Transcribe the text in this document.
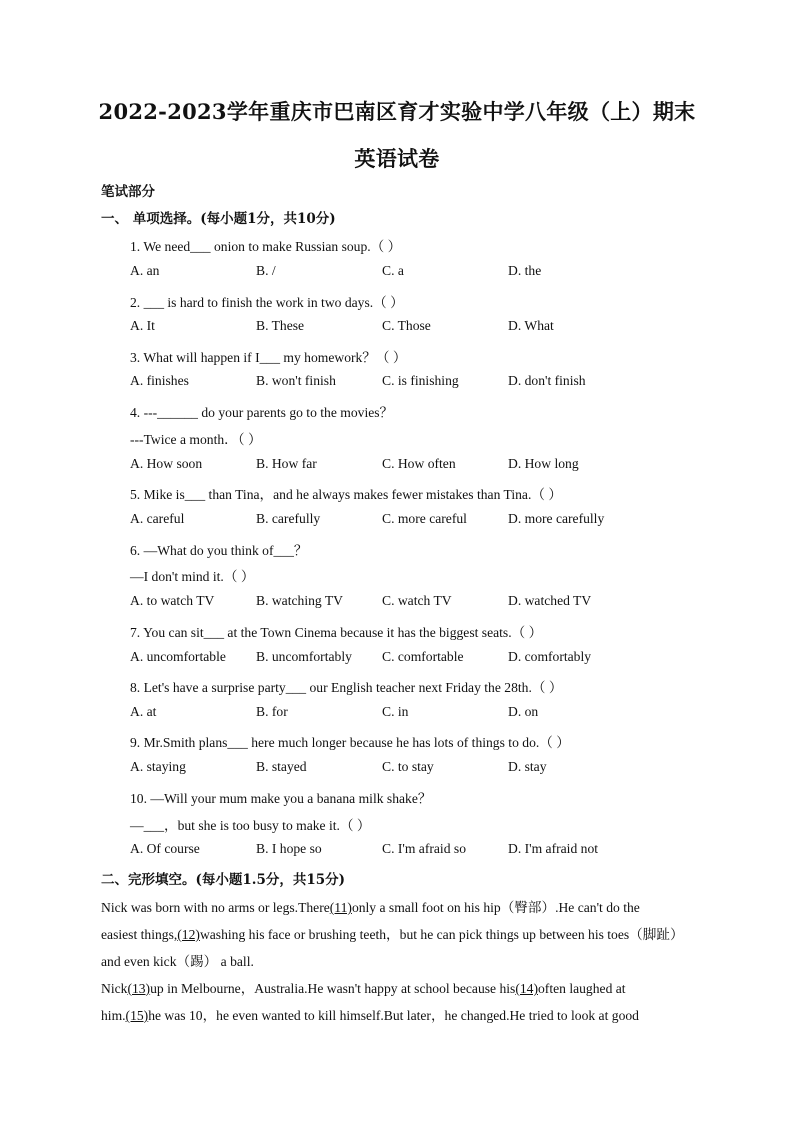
2022-2023学年重庆市巴南区育才实验中学八年级（上）期末
英语试卷
笔试部分
一、 单项选择。(每小题1分，共10分)
1. We need___ onion to make Russian soup.（ ）
A. an	B. /	C. a	D. the
2. ___ is hard to finish the work in two days.（ ）
A. It	B. These	C. Those	D. What
3. What will happen if I___ my homework？（ ）
A. finishes	B. won't finish	C. is finishing	D. don't finish
4. ---______ do your parents go to the movies？
---Twice a month．（ ）
A. How soon	B. How far	C. How often	D. How long
5. Mike is___ than Tina，and he always makes fewer mistakes than Tina.（ ）
A. careful	B. carefully	C. more careful	D. more carefully
6. —What do you think of___？
—I don't mind it.（ ）
A. to watch TV	B. watching TV	C. watch TV	D. watched TV
7. You can sit___ at the Town Cinema because it has the biggest seats.（ ）
A. uncomfortable B. uncomfortably C. comfortable	D. comfortably
8. Let's have a surprise party___ our English teacher next Friday the 28th.（ ）
A. at	B. for	C. in	D. on
9. Mr.Smith plans___ here much longer because he has lots of things to do.（ ）
A. staying	B. stayed	C. to stay	D. stay
10. —Will your mum make you a banana milk shake？
—___，but she is too busy to make it.（ ）
A. Of course	B. I hope so	C. I'm afraid so	D. I'm afraid not
二、完形填空。(每小题1.5分，共15分)
Nick was born with no arms or legs.There(11)only a small foot on his hip（臀部）.He can't do the
easiest things,(12)washing his face or brushing teeth，but he can pick things up between his toes（脚趾）
and even kick（踢） a ball.
Nick(13)up in Melbourne，Australia.He wasn't happy at school because his(14)often laughed at
him.(15)he was 10，he even wanted to kill himself.But later，he changed.He tried to look at good
